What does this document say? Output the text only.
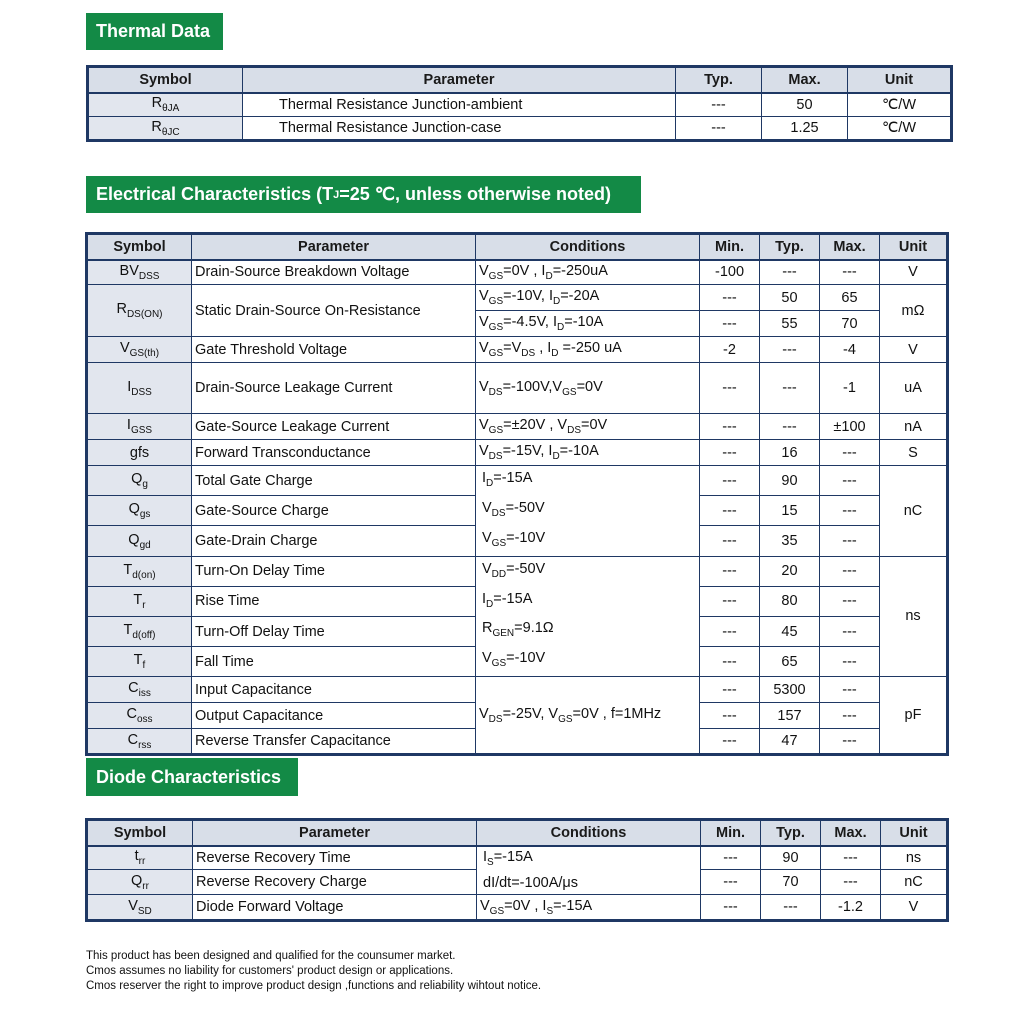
Thermal Data
Symbol	Parameter	Typ.	Max.	Unit
$R_{\theta JA}$	Thermal Resistance Junction-ambient	---	50	℃/W
$R_{\theta JC}$	Thermal Resistance Junction-case	---	1.25	℃/W
Electrical Characteristics (T J =25 ℃, unless otherwise noted)
Symbol	Parameter	Conditions	Min.	Typ.	Max.	Unit
$BV_{DSS}$	Drain-Source Breakdown Voltage	$V_{GS}=0V$ , $I_D=-250uA$	-100	---	---	V
$R_{DS(ON)}$	Static Drain-Source On-Resistance	$V_{GS}=-10V$, $I_D=-20A$	---	50	65	mΩ
		$V_{GS}=-4.5V$, $I_D=-10A$	---	55	70	
$V_{GS(th)}$	Gate Threshold Voltage	$V_{GS}=V_{DS}$ , $I_D =-250$ uA	-2	---	-4	V
$I_{DSS}$	Drain-Source Leakage Current	$V_{DS}=-100V,V_{GS}=0V$	---	---	-1	uA
$I_{GSS}$	Gate-Source Leakage Current	$V_{GS}=\pm 20V$ , $V_{DS}=0V$	---	---	±100	nA
gfs	Forward Transconductance	$V_{DS}=-15V$, $I_D=-10A$	---	16	---	S
$Q_g$	Total Gate Charge	$I_D=-15A$
$V_{DS}=-50V$
$V_{GS}=-10V$	---	90	---	nC
$Q_{gs}$	Gate-Source Charge		---	15	---	
$Q_{gd}$	Gate-Drain Charge		---	35	---	
$T_{d(on)}$	Turn-On Delay Time	$V_{DD}=-50V$
$I_D=-15A$
$R_{GEN}=9.1\Omega$
$V_{GS}=-10V$	---	20	---	ns
$T_r$	Rise Time		---	80	---	
$T_{d(off)}$	Turn-Off Delay Time		---	45	---	
$T_f$	Fall Time		---	65	---	
$C_{iss}$	Input Capacitance	$V_{DS}=-25V$, $V_{GS}=0V$ , f=1MHz	---	5300	---	pF
$C_{oss}$	Output Capacitance		---	157	---	
$C_{rss}$	Reverse Transfer Capacitance		---	47	---	
Diode Characteristics
Symbol	Parameter	Conditions	Min.	Typ.	Max.	Unit
$t_{rr}$	Reverse Recovery Time	$I_S=-15A$
dI/dt=-100A/μs	---	90	---	ns
$Q_{rr}$	Reverse Recovery Charge		---	70	---	nC
$V_{SD}$	Diode Forward Voltage	$V_{GS}=0V$ , $I_S=-15A$	---	---	-1.2	V
This product has been designed and qualified for the counsumer market.
Cmos assumes no liability for customers' product design or applications.
Cmos reserver the right to improve product design ,functions and reliability wihtout notice.
